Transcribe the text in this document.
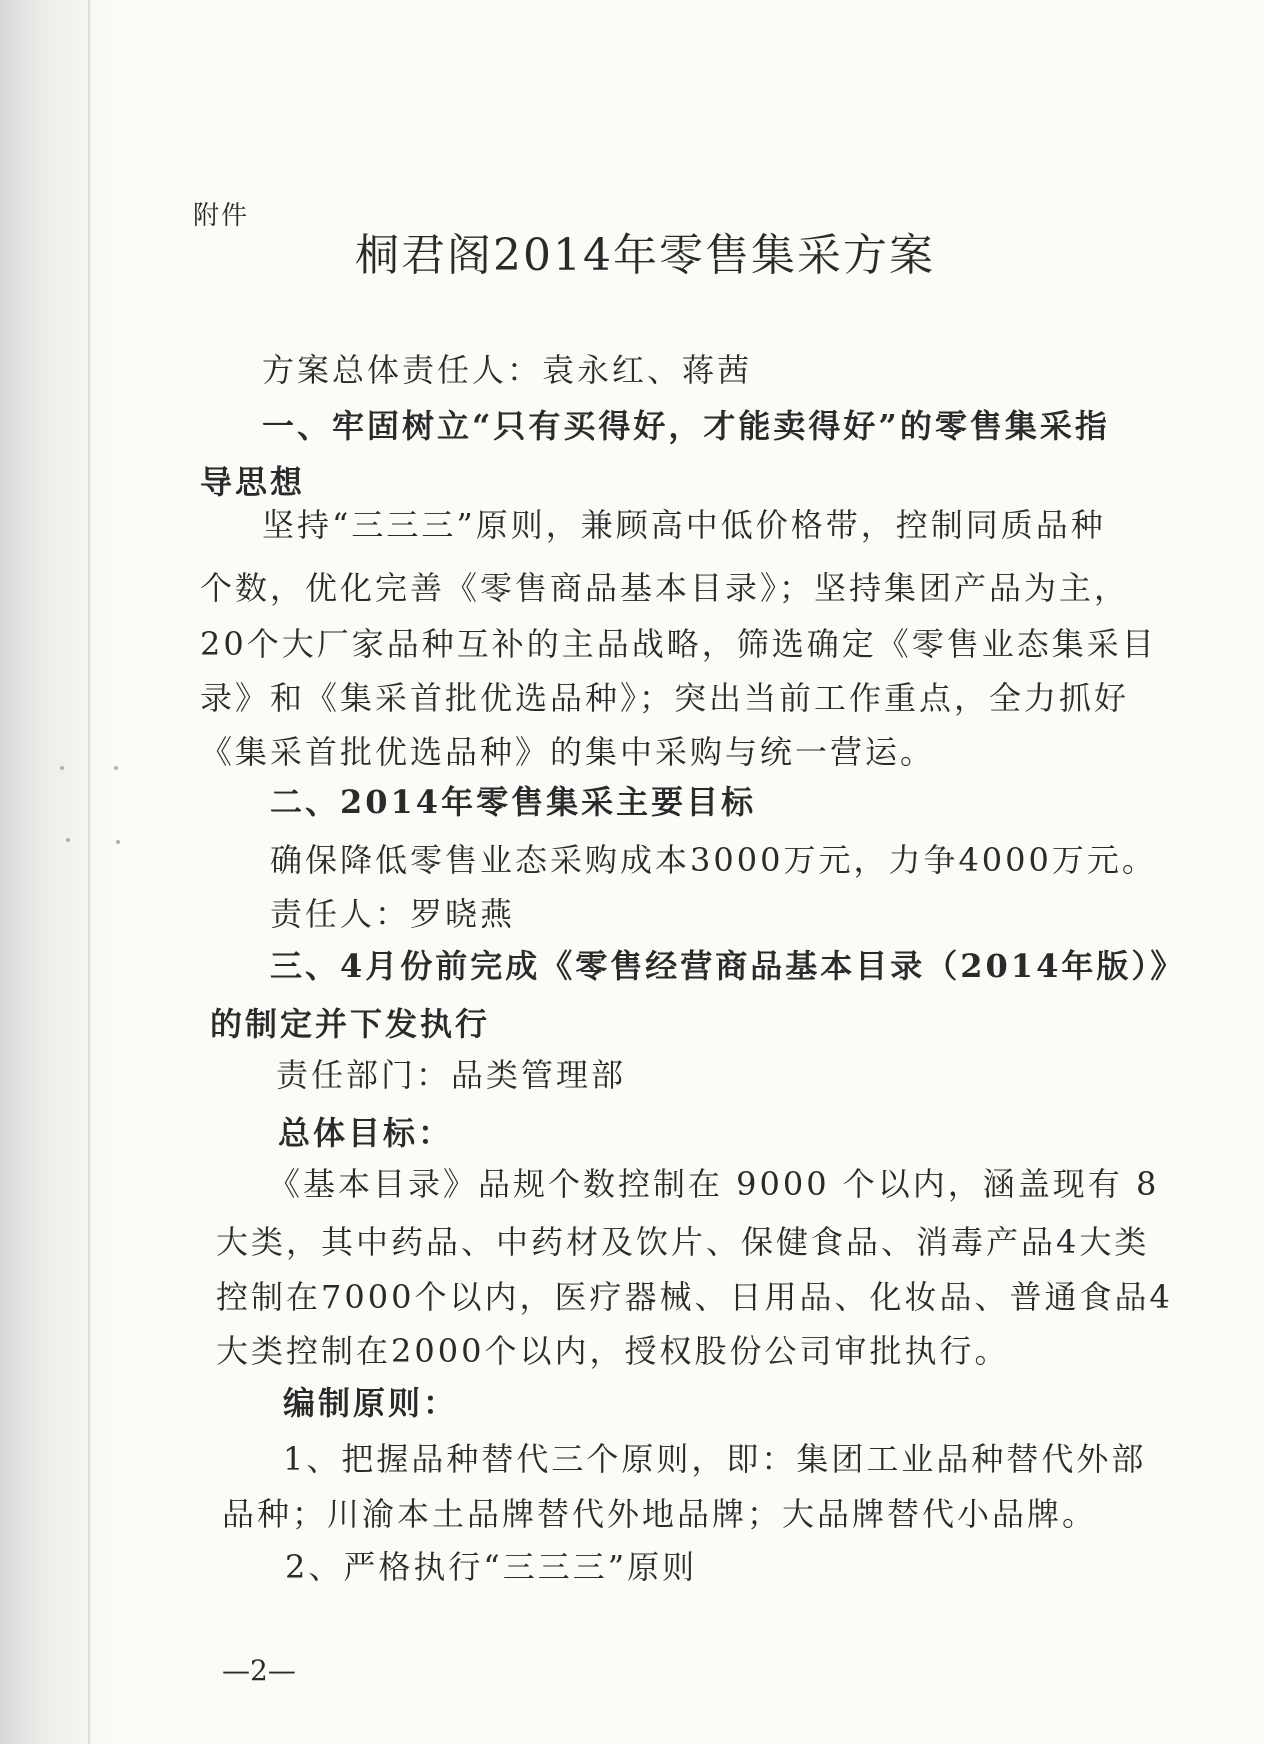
附件
桐君阁2014年零售集采方案
方案总体责任人：袁永红、蒋茜
一、牢固树立“只有买得好，才能卖得好”的零售集采指
导思想
坚持“三三三”原则，兼顾高中低价格带，控制同质品种
个数，优化完善《零售商品基本目录》；坚持集团产品为主，
20个大厂家品种互补的主品战略，筛选确定《零售业态集采目
录》和《集采首批优选品种》；突出当前工作重点，全力抓好
《集采首批优选品种》的集中采购与统一营运。
二、2014年零售集采主要目标
确保降低零售业态采购成本3000万元，力争4000万元。
责任人：罗晓燕
三、4月份前完成《零售经营商品基本目录（2014年版）》
的制定并下发执行
责任部门：品类管理部
总体目标：
《基本目录》品规个数控制在 9000 个以内，涵盖现有 8
大类，其中药品、中药材及饮片、保健食品、消毒产品4大类
控制在7000个以内，医疗器械、日用品、化妆品、普通食品4
大类控制在2000个以内，授权股份公司审批执行。
编制原则：
1、把握品种替代三个原则，即：集团工业品种替代外部
品种；川渝本土品牌替代外地品牌；大品牌替代小品牌。
2、严格执行“三三三”原则
—2—
